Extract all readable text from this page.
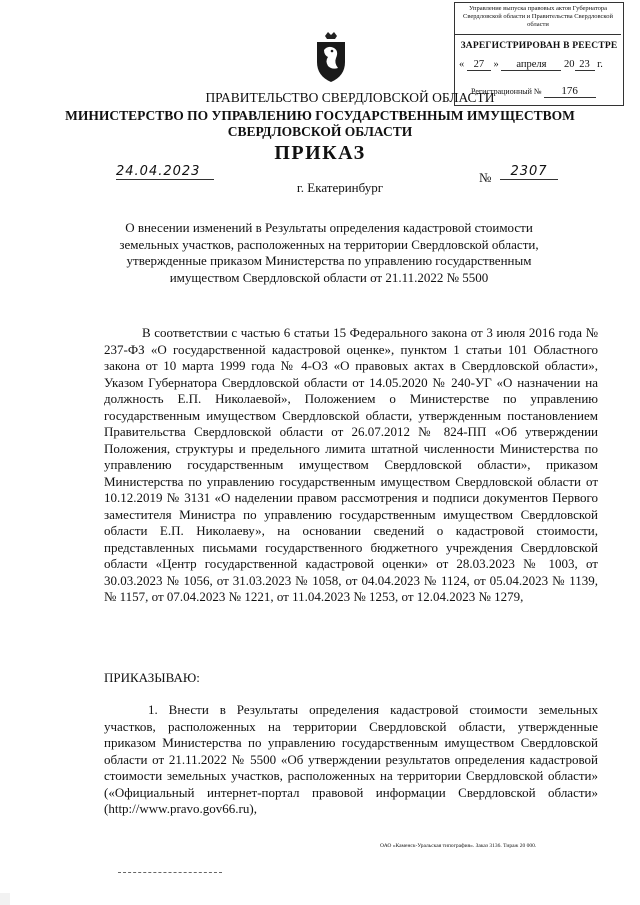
Управление выпуска правовых актов Губернатора Свердловской области и Правительства Свердловской области
ЗАРЕГИСТРИРОВАН В РЕЕСТРЕ
« 27 » апреля 20 23 г.
Регистрационный № 176
ПРАВИТЕЛЬСТВО СВЕРДЛОВСКОЙ ОБЛАСТИ
МИНИСТЕРСТВО ПО УПРАВЛЕНИЮ ГОСУДАРСТВЕННЫМ ИМУЩЕСТВОМ
СВЕРДЛОВСКОЙ ОБЛАСТИ
ПРИКАЗ
24.04.2023	№	2307
г. Екатеринбург
О внесении изменений в Результаты определения кадастровой стоимости земельных участков, расположенных на территории Свердловской области, утвержденные приказом Министерства по управлению государственным имуществом Свердловской области от 21.11.2022 № 5500
В соответствии с частью 6 статьи 15 Федерального закона от 3 июля 2016 года № 237-ФЗ «О государственной кадастровой оценке», пунктом 1 статьи 101 Областного закона от 10 марта 1999 года № 4-ОЗ «О правовых актах в Свердловской области», Указом Губернатора Свердловской области от 14.05.2020 № 240-УГ «О назначении на должность Е.П. Николаевой», Положением о Министерстве по управлению государственным имуществом Свердловской области, утвержденным постановлением Правительства Свердловской области от 26.07.2012 № 824-ПП «Об утверждении Положения, структуры и предельного лимита штатной численности Министерства по управлению государственным имуществом Свердловской области», приказом Министерства по управлению государственным имуществом Свердловской области от 10.12.2019 № 3131 «О наделении правом рассмотрения и подписи документов Первого заместителя Министра по управлению государственным имуществом Свердловской области Е.П. Николаеву», на основании сведений о кадастровой стоимости, представленных письмами государственного бюджетного учреждения Свердловской области «Центр государственной кадастровой оценки» от 28.03.2023 № 1003, от 30.03.2023 № 1056, от 31.03.2023 № 1058, от 04.04.2023 № 1124, от 05.04.2023 № 1139, № 1157, от 07.04.2023 № 1221, от 11.04.2023 № 1253, от 12.04.2023 № 1279,
ПРИКАЗЫВАЮ:
1. Внести в Результаты определения кадастровой стоимости земельных участков, расположенных на территории Свердловской области, утвержденные приказом Министерства по управлению государственным имуществом Свердловской области от 21.11.2022 № 5500 «Об утверждении результатов определения кадастровой стоимости земельных участков, расположенных на территории Свердловской области» («Официальный интернет-портал правовой информации Свердловской области» (http://www.pravo.gov66.ru),
ОАО «Каменск-Уральская типография». Заказ 3136. Тираж 20 000.
